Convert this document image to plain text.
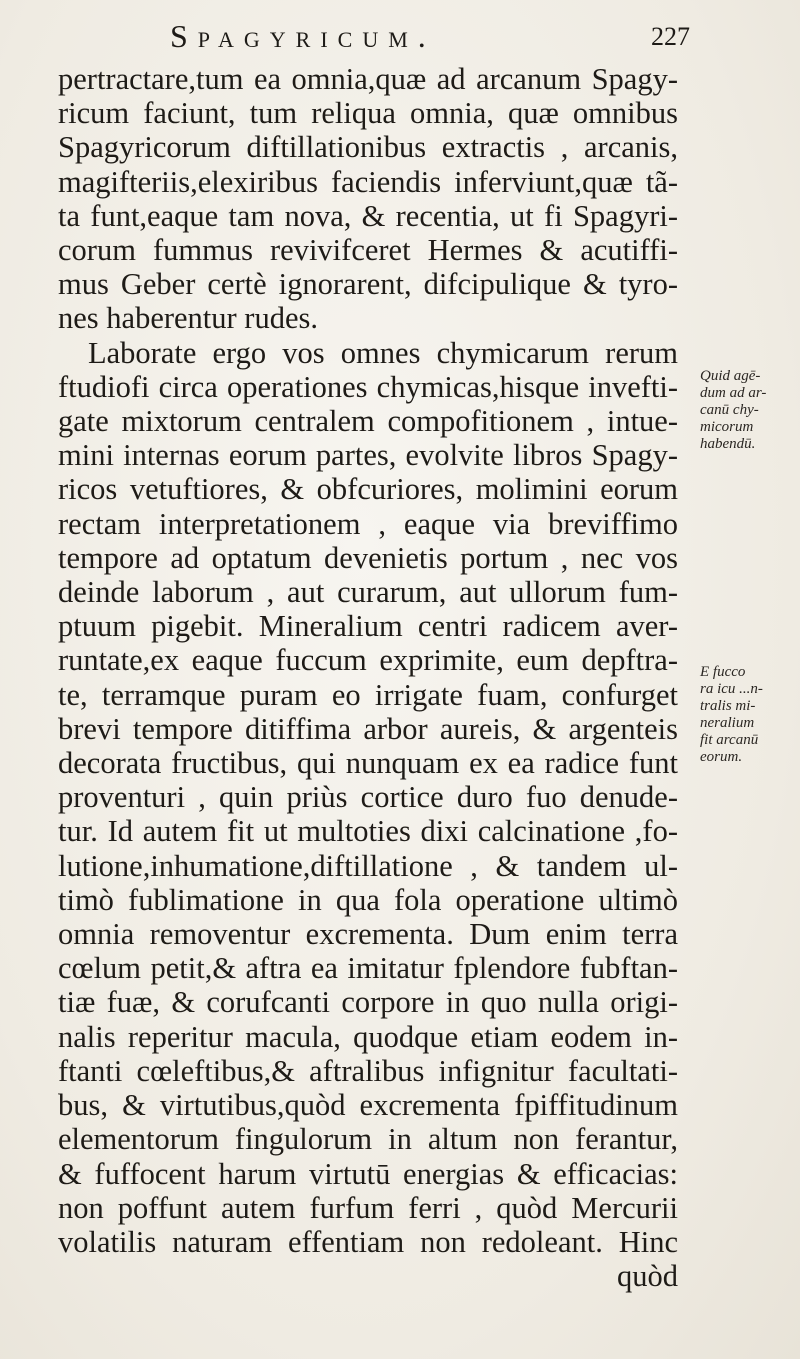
Spagyricum.	227
pertractare,tum ea omnia,quæ ad arcanum Spagy-
ricum faciunt, tum reliqua omnia, quæ omnibus
Spagyricorum diftillationibus extractis , arcanis,
magifteriis,elexiribus faciendis inferviunt,quæ tã-
ta funt,eaque tam nova, & recentia, ut fi Spagyri-
corum fummus revivifceret Hermes & acutiffi-
mus Geber certè ignorarent, difcipulique & tyro-
nes haberentur rudes.
Laborate ergo vos omnes chymicarum rerum
ftudiofi circa operationes chymicas,hisque invefti-
gate mixtorum centralem compofitionem , intue-
mini internas eorum partes, evolvite libros Spagy-
ricos vetuftiores, & obfcuriores, molimini eorum
rectam interpretationem , eaque via breviffimo
tempore ad optatum devenietis portum , nec vos
deinde laborum , aut curarum, aut ullorum fum-
ptuum pigebit. Mineralium centri radicem aver-
runtate,ex eaque fuccum exprimite, eum depftra-
te, terramque puram eo irrigate fuam, confurget
brevi tempore ditiffima arbor aureis, & argenteis
decorata fructibus, qui nunquam ex ea radice funt
proventuri , quin priùs cortice duro fuo denude-
tur. Id autem fit ut multoties dixi calcinatione ,fo-
lutione,inhumatione,diftillatione , & tandem ul-
timò fublimatione in qua fola operatione ultimò
omnia removentur excrementa. Dum enim terra
cœlum petit,& aftra ea imitatur fplendore fubftan-
tiæ fuæ, & corufcanti corpore in quo nulla origi-
nalis reperitur macula, quodque etiam eodem in-
ftanti cœleftibus,& aftralibus infignitur facultati-
bus, & virtutibus,quòd excrementa fpiffitudinum
elementorum fingulorum in altum non ferantur,
& fuffocent harum virtutū energias & efficacias:
non poffunt autem furfum ferri , quòd Mercurii
volatilis naturam effentiam non redoleant. Hinc
quòd
Quid agē-
dum ad ar-
canū chy-
micorum
habendū.
E fucco
ra icu ...n-
tralis mi-
neralium
fit arcanū
eorum.
